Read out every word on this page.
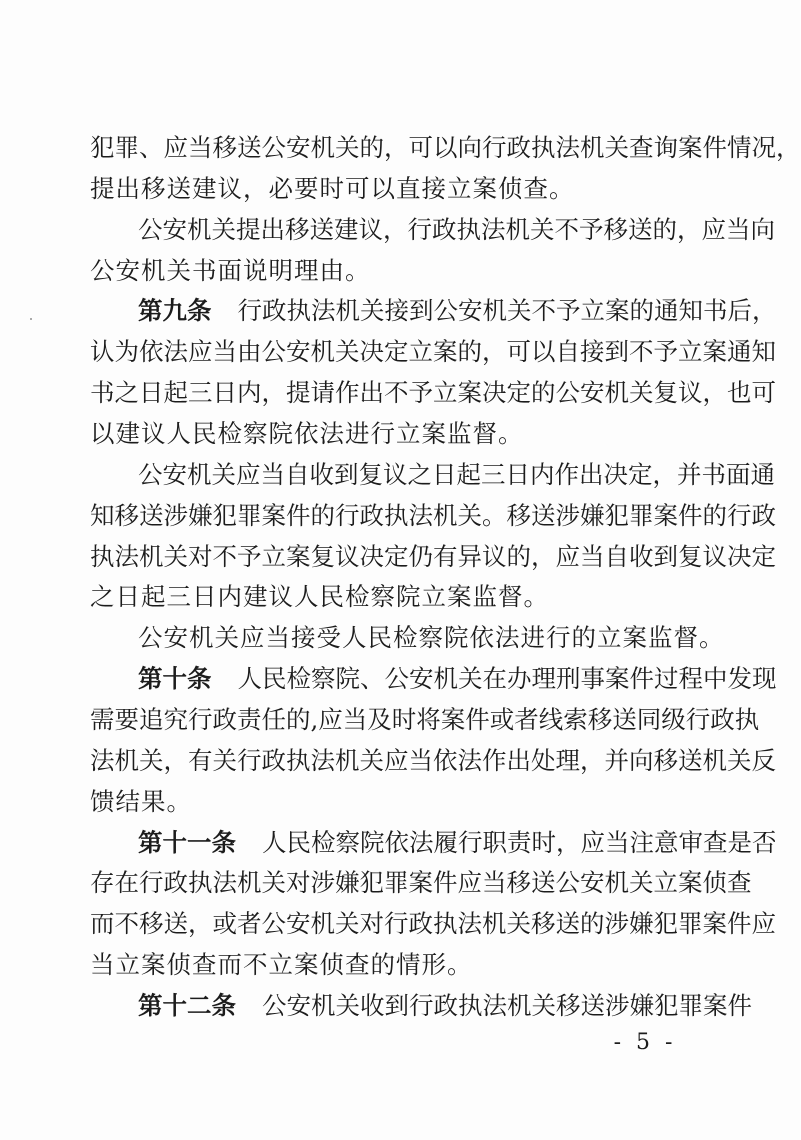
犯罪、应当移送公安机关的，可以向行政执法机关查询案件情况，
提出移送建议，必要时可以直接立案侦查。
公安机关提出移送建议，行政执法机关不予移送的，应当向
公安机关书面说明理由。
第九条 行政执法机关接到公安机关不予立案的通知书后，
认为依法应当由公安机关决定立案的，可以自接到不予立案通知
书之日起三日内，提请作出不予立案决定的公安机关复议，也可
以建议人民检察院依法进行立案监督。
公安机关应当自收到复议之日起三日内作出决定，并书面通
知移送涉嫌犯罪案件的行政执法机关。移送涉嫌犯罪案件的行政
执法机关对不予立案复议决定仍有异议的，应当自收到复议决定
之日起三日内建议人民检察院立案监督。
公安机关应当接受人民检察院依法进行的立案监督。
第十条 人民检察院、公安机关在办理刑事案件过程中发现
需要追究行政责任的,应当及时将案件或者线索移送同级行政执
法机关，有关行政执法机关应当依法作出处理，并向移送机关反
馈结果。
第十一条 人民检察院依法履行职责时，应当注意审查是否
存在行政执法机关对涉嫌犯罪案件应当移送公安机关立案侦查
而不移送，或者公安机关对行政执法机关移送的涉嫌犯罪案件应
当立案侦查而不立案侦查的情形。
- 5 -
第十二条 公安机关收到行政执法机关移送涉嫌犯罪案件
